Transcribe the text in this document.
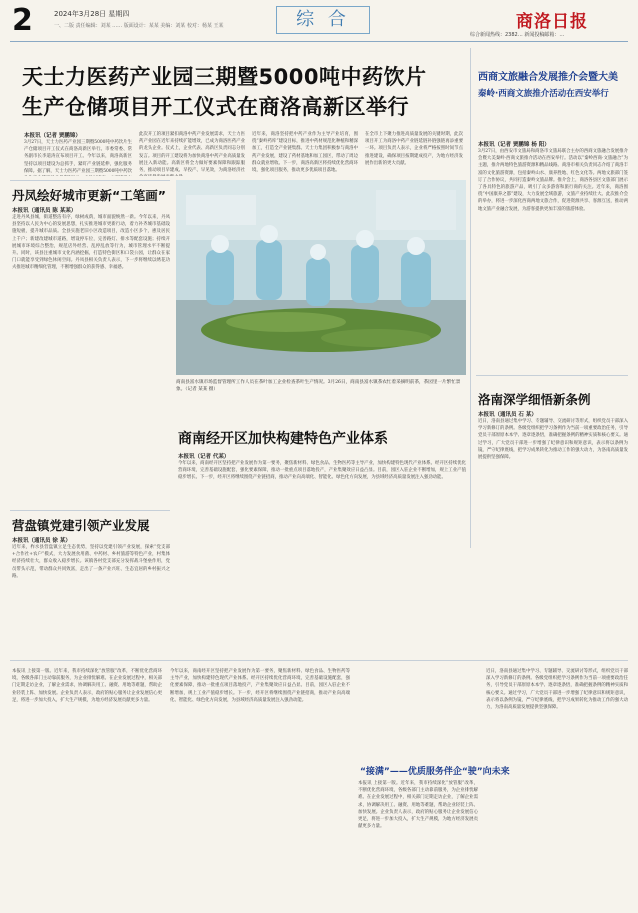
2	2024年3月28日 星期四
一、二版 责任编辑：刘某 …… 版面设计：某某 美编：刘某 校对：杨某 王某	综 合	商洛日报
综合新闻热线：2382… 新闻投稿邮箱：…
天士力医药产业园三期暨5000吨中药饮片
生产仓储项目开工仪式在商洛高新区举行
本报讯（记者 贾鹏锦）
3月27日，天士力医药产业园三期暨5000吨中药饮片生产仓储项目开工仪式在商洛高新区举行。市委常委、常务副市长李道涛宣布项目开工。今年以来，商洛高新区坚持以项目建设为总抓手，紧盯产业链延伸，强化服务保障。据了解，天士力医药产业园三期暨5000吨中药饮
此次开工的项目紧扣商洛中药产业发展需求，天士力医药产业园在近年来持续扩能增效，已成为商洛医药产业的龙头企业。仪式上，企业代表、高新区负责同志分别发言。项目的开工建设将为加快商洛中药产业高质量发展注入新动能。高新区将全力做好要素保障和跟踪服务，推动项目早建成、早投产、早见效，为商洛经济社
近年来，商洛坚持把中药产业作为主导产业培育，围绕“秦岭药库”建设目标，推进中药材规范化种植和精深加工，打造全产业链集群。天士力集团积极参与商洛中药产业发展，建设了药材基地和加工园区，带动了周边群众就业增收。下一步，商洛高新区将持续优化营商环境，强化项目服务，推动更多优质项目落地。
在全市上下聚力推进高质量发展的关键时期，此次项目开工为商洛中药产业链延链补链强链再添重要一环。项目负责人表示，企业将严格按照时间节点推进建设，确保项目按期建成投产，为地方经济发展作出新的更大贡献。
西商文旅融合发展推介会暨大美
秦岭·西商文旅推介活动在西安举行
本报讯（记者 贾鹏锦 杨 阳）
3月27日，由西安市文旅局和商洛市文旅局联合主办的西商文旅融合发展推介会暨大美秦岭·西商文旅推介活动在西安举行。活动以“秦岭西商·文旅融合”为主题，推介两地特色旅游资源和精品线路。商洛市相关负责同志介绍了商洛丰富的文化旅游资源，包括秦岭山水、康养胜地、红色文化等。两地文旅部门签订了合作协议，共同打造秦岭文旅品牌。推介会上，商洛各县区文旅部门展示了各具特色的旅游产品，吸引了众多游客和旅行商的关注。近年来，商洛围绕“中国康养之都”建设，大力发展全域旅游，文旅产业持续壮大。此次推介会的举办，将进一步深化西商两地文旅合作，促进资源共享、客源互送，推动两地文旅产业融合发展，为游客提供更加丰富的旅游体验。
丹凤绘好城市更新“工笔画”
本报讯（通讯员 陈 某某）
走进丹凤县城，街道整洁有序，绿树成荫，城市面貌焕然一新。今年以来，丹凤县坚持以人民为中心的发展思想，扎实推进城市更新行动，着力补齐城市基础设施短板，提升城市品质。全县实施老旧小区改造项目，改造小区多个，惠及居民上千户；新建改建城市道路，增设停车位，完善路灯、排水等配套设施；持续开展城市环境综合整治，规范店外经营、乱停乱放等行为，城市管理水平不断提升。同时，该县注重城市文化内涵挖掘，打造特色街区和口袋公园，让群众在家门口就能享受到绿色休闲空间。丹凤县相关负责人表示，下一步将继续以绣花功夫推进城市精细化管理，不断增强群众的获得感、幸福感。
商南县富水镇市场监督管理所工作人员在茶叶加工企业检查茶叶生产情况。3月26日，商南县富水镇茶农忙着采摘明前茶，茶园里一片繁忙景象。（记者 某某 摄）
营盘镇党建引领产业发展
本报讯（通讯员 徐 某）
近年来，柞水县营盘镇立足生态优势，坚持以党建引领产业发展，探索“党支部+合作社+农户”模式，大力发展食用菌、中药材、乡村旅游等特色产业，村集体经济持续壮大，群众收入稳步增长。该镇各村党支部充分发挥战斗堡垒作用，党员带头示范，带动群众共同致富，走出了一条产业兴旺、生态宜居的乡村振兴之路。
商南经开区加快构建特色产业体系
本报讯（记者 代某）
今年以来，商南经开区坚持把产业发展作为第一要务，聚焦新材料、绿色食品、生物医药等主导产业，加快构建特色现代产业体系。经开区持续优化营商环境，完善基础设施配套，强化要素保障，推动一批重点项目落地投产，产业集聚效应日益凸显。目前，园区入驻企业不断增加，规上工业产值稳步增长。下一步，经开区将继续围绕产业链招商，推动产业向高端化、智能化、绿色化方向发展，为县域经济高质量发展注入强劲动能。
洛南深学细悟新条例
本报讯（通讯员 石 某）
近日，洛南县通过集中学习、专题辅导、交流研讨等形式，组织党员干部深入学习新修订的条例。各级党组织把学习条例作为当前一项重要政治任务，引导党员干部原原本本学、逐章逐条悟，准确把握条例的精神实质和核心要义。通过学习，广大党员干部进一步增强了纪律意识和规矩意识，表示将以条例为镜，严守纪律底线，把学习成果转化为推动工作的强大动力，为洛南高质量发展提供坚强保障。
本报讯 上接第一版。近年来，我市持续深化“放管服”改革，不断优化营商环境，各级各部门主动靠前服务，为企业排忧解难。在企业发展过程中，相关部门定期走访企业，了解企业需求，协调解决用工、融资、用地等难题，帮助企业轻装上阵、加快发展。企业负责人表示，政府的贴心服务让企业发展信心更足，将进一步加大投入，扩大生产规模，为地方经济发展贡献更多力量。
“接满”——优质服务伴企“驶”向未来
今年以来，商南经开区坚持把产业发展作为第一要务，聚焦新材料、绿色食品、生物医药等主导产业，加快构建特色现代产业体系。经开区持续优化营商环境，完善基础设施配套，强化要素保障，推动一批重点项目落地投产，产业集聚效应日益凸显。目前，园区入驻企业不断增加，规上工业产值稳步增长。下一步，经开区将继续围绕产业链招商，推动产业向高端化、智能化、绿色化方向发展，为县域经济高质量发展注入强劲动能。
本报讯 上接第一版。近年来，我市持续深化“放管服”改革，不断优化营商环境，各级各部门主动靠前服务，为企业排忧解难。在企业发展过程中，相关部门定期走访企业，了解企业需求，协调解决用工、融资、用地等难题，帮助企业轻装上阵、加快发展。企业负责人表示，政府的贴心服务让企业发展信心更足，将进一步加大投入，扩大生产规模，为地方经济发展贡献更多力量。
近日，洛南县通过集中学习、专题辅导、交流研讨等形式，组织党员干部深入学习新修订的条例。各级党组织把学习条例作为当前一项重要政治任务，引导党员干部原原本本学、逐章逐条悟，准确把握条例的精神实质和核心要义。通过学习，广大党员干部进一步增强了纪律意识和规矩意识，表示将以条例为镜，严守纪律底线，把学习成果转化为推动工作的强大动力，为洛南高质量发展提供坚强保障。
